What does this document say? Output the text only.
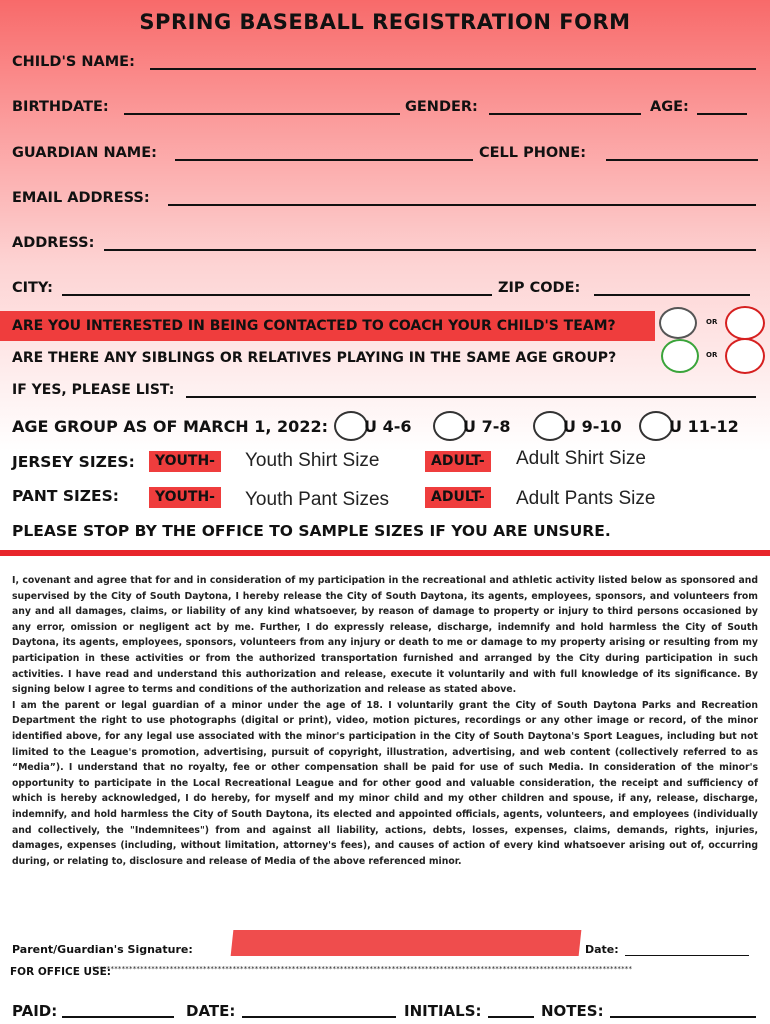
SPRING BASEBALL REGISTRATION FORM
CHILD'S NAME:
BIRTHDATE:	GENDER:	AGE:
GUARDIAN NAME:	CELL PHONE:
EMAIL ADDRESS:
ADDRESS:
CITY:	ZIP CODE:
ARE YOU INTERESTED IN BEING CONTACTED TO COACH YOUR CHILD'S TEAM?	OR
ARE THERE ANY SIBLINGS OR RELATIVES PLAYING IN THE SAME AGE GROUP?	OR
IF YES, PLEASE LIST:
AGE GROUP AS OF MARCH 1, 2022: U 4-6	U 7-8	U 9-10	U 11-12
JERSEY SIZES:	YOUTH-	Youth Shirt Size	ADULT-	Adult Shirt Size
PANT SIZES:	YOUTH-	Youth Pant Sizes	ADULT-	Adult Pants Size
PLEASE STOP BY THE OFFICE TO SAMPLE SIZES IF YOU ARE UNSURE.

I, covenant and agree that for and in consideration of my participation in the recreational and athletic activity listed below as sponsored and supervised by the City of South Daytona, I hereby release the City of South Daytona, its agents, employees, sponsors, and volunteers from any and all damages, claims, or liability of any kind whatsoever, by reason of damage to property or injury to third persons occasioned by any error, omission or negligent act by me. Further, I do expressly release, discharge, indemnify and hold harmless the City of South Daytona, its agents, employees, sponsors, volunteers from any injury or death to me or damage to my property arising or resulting from my participation in these activities or from the authorized transportation furnished and arranged by the City during participation in such activities. I have read and understand this authorization and release, execute it voluntarily and with full knowledge of its significance. By signing below I agree to terms and conditions of the authorization and release as stated above.

I am the parent or legal guardian of a minor under the age of 18. I voluntarily grant the City of South Daytona Parks and Recreation Department the right to use photographs (digital or print), video, motion pictures, recordings or any other image or record, of the minor identified above, for any legal use associated with the minor's participation in the City of South Daytona's Sport Leagues, including but not limited to the League's promotion, advertising, pursuit of copyright, illustration, advertising, and web content (collectively referred to as “Media”). I understand that no royalty, fee or other compensation shall be paid for use of such Media. In consideration of the minor's opportunity to participate in the Local Recreational League and for other good and valuable consideration, the receipt and sufficiency of which is hereby acknowledged, I do hereby, for myself and my minor child and my other children and spouse, if any, release, discharge, indemnify, and hold harmless the City of South Daytona, its elected and appointed officials, agents, volunteers, and employees (individually and collectively, the "Indemnitees") from and against all liability, actions, debts, losses, expenses, claims, demands, rights, injuries, damages, expenses (including, without limitation, attorney's fees), and causes of action of every kind whatsoever arising out of, occurring during, or relating to, disclosure and release of Media of the above referenced minor.

Parent/Guardian's Signature:	Date:
FOR OFFICE USE:
**************************************************************************************************************************************************
PAID:	DATE:	INITIALS:	NOTES:
